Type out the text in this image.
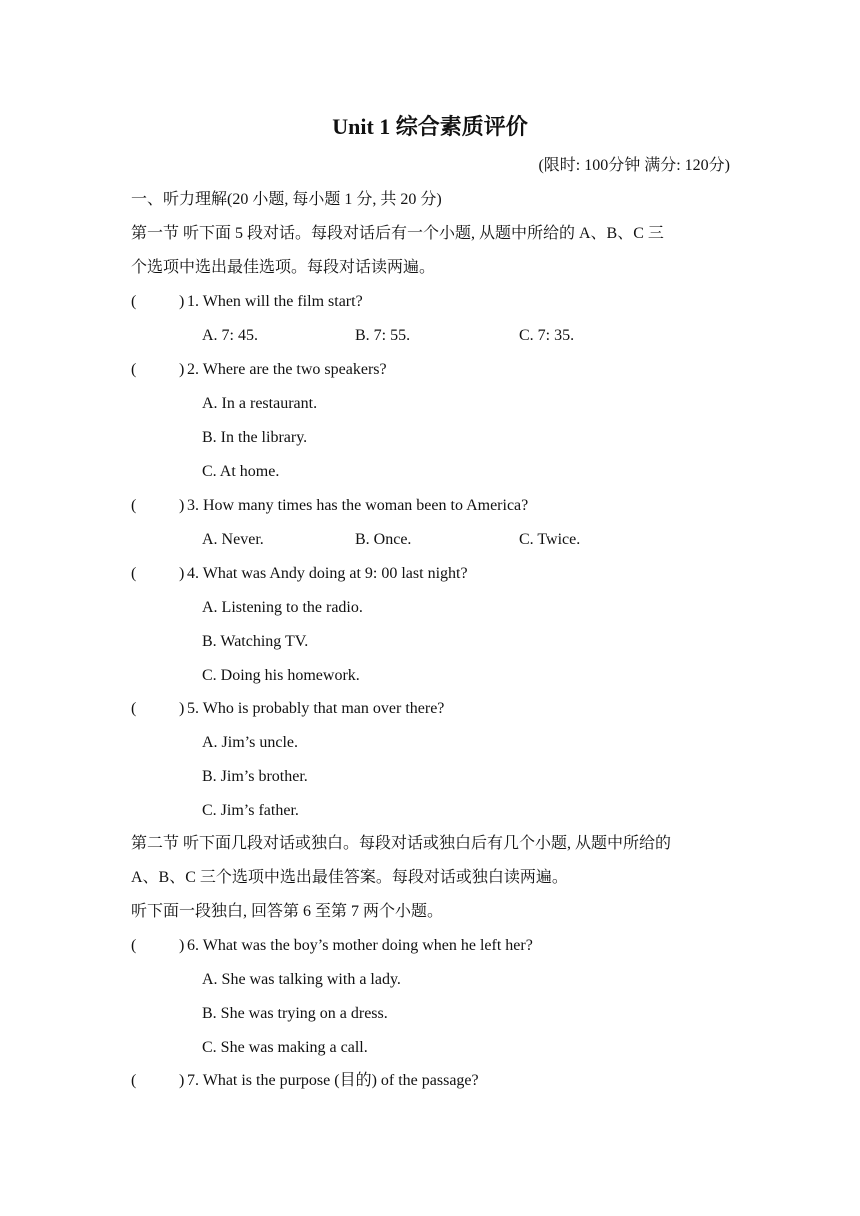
Unit 1 综合素质评价
(限时: 100分钟 满分: 120分)
一、听力理解(20 小题, 每小题 1 分, 共 20 分)
第一节 听下面 5 段对话。每段对话后有一个小题, 从题中所给的 A、B、C 三
个选项中选出最佳选项。每段对话读两遍。
(	) 1. When will the film start?
A. 7: 45.	B. 7: 55.	C. 7: 35.
(	) 2. Where are the two speakers?
A. In a restaurant.
B. In the library.
C. At home.
(	) 3. How many times has the woman been to America?
A. Never.	B. Once.	C. Twice.
(	) 4. What was Andy doing at 9: 00 last night?
A. Listening to the radio.
B. Watching TV.
C. Doing his homework.
(	) 5. Who is probably that man over there?
A. Jim’s uncle.
B. Jim’s brother.
C. Jim’s father.
第二节 听下面几段对话或独白。每段对话或独白后有几个小题, 从题中所给的
A、B、C 三个选项中选出最佳答案。每段对话或独白读两遍。
听下面一段独白, 回答第 6 至第 7 两个小题。
(	) 6. What was the boy’s mother doing when he left her?
A. She was talking with a lady.
B. She was trying on a dress.
C. She was making a call.
(	) 7. What is the purpose (目的) of the passage?
